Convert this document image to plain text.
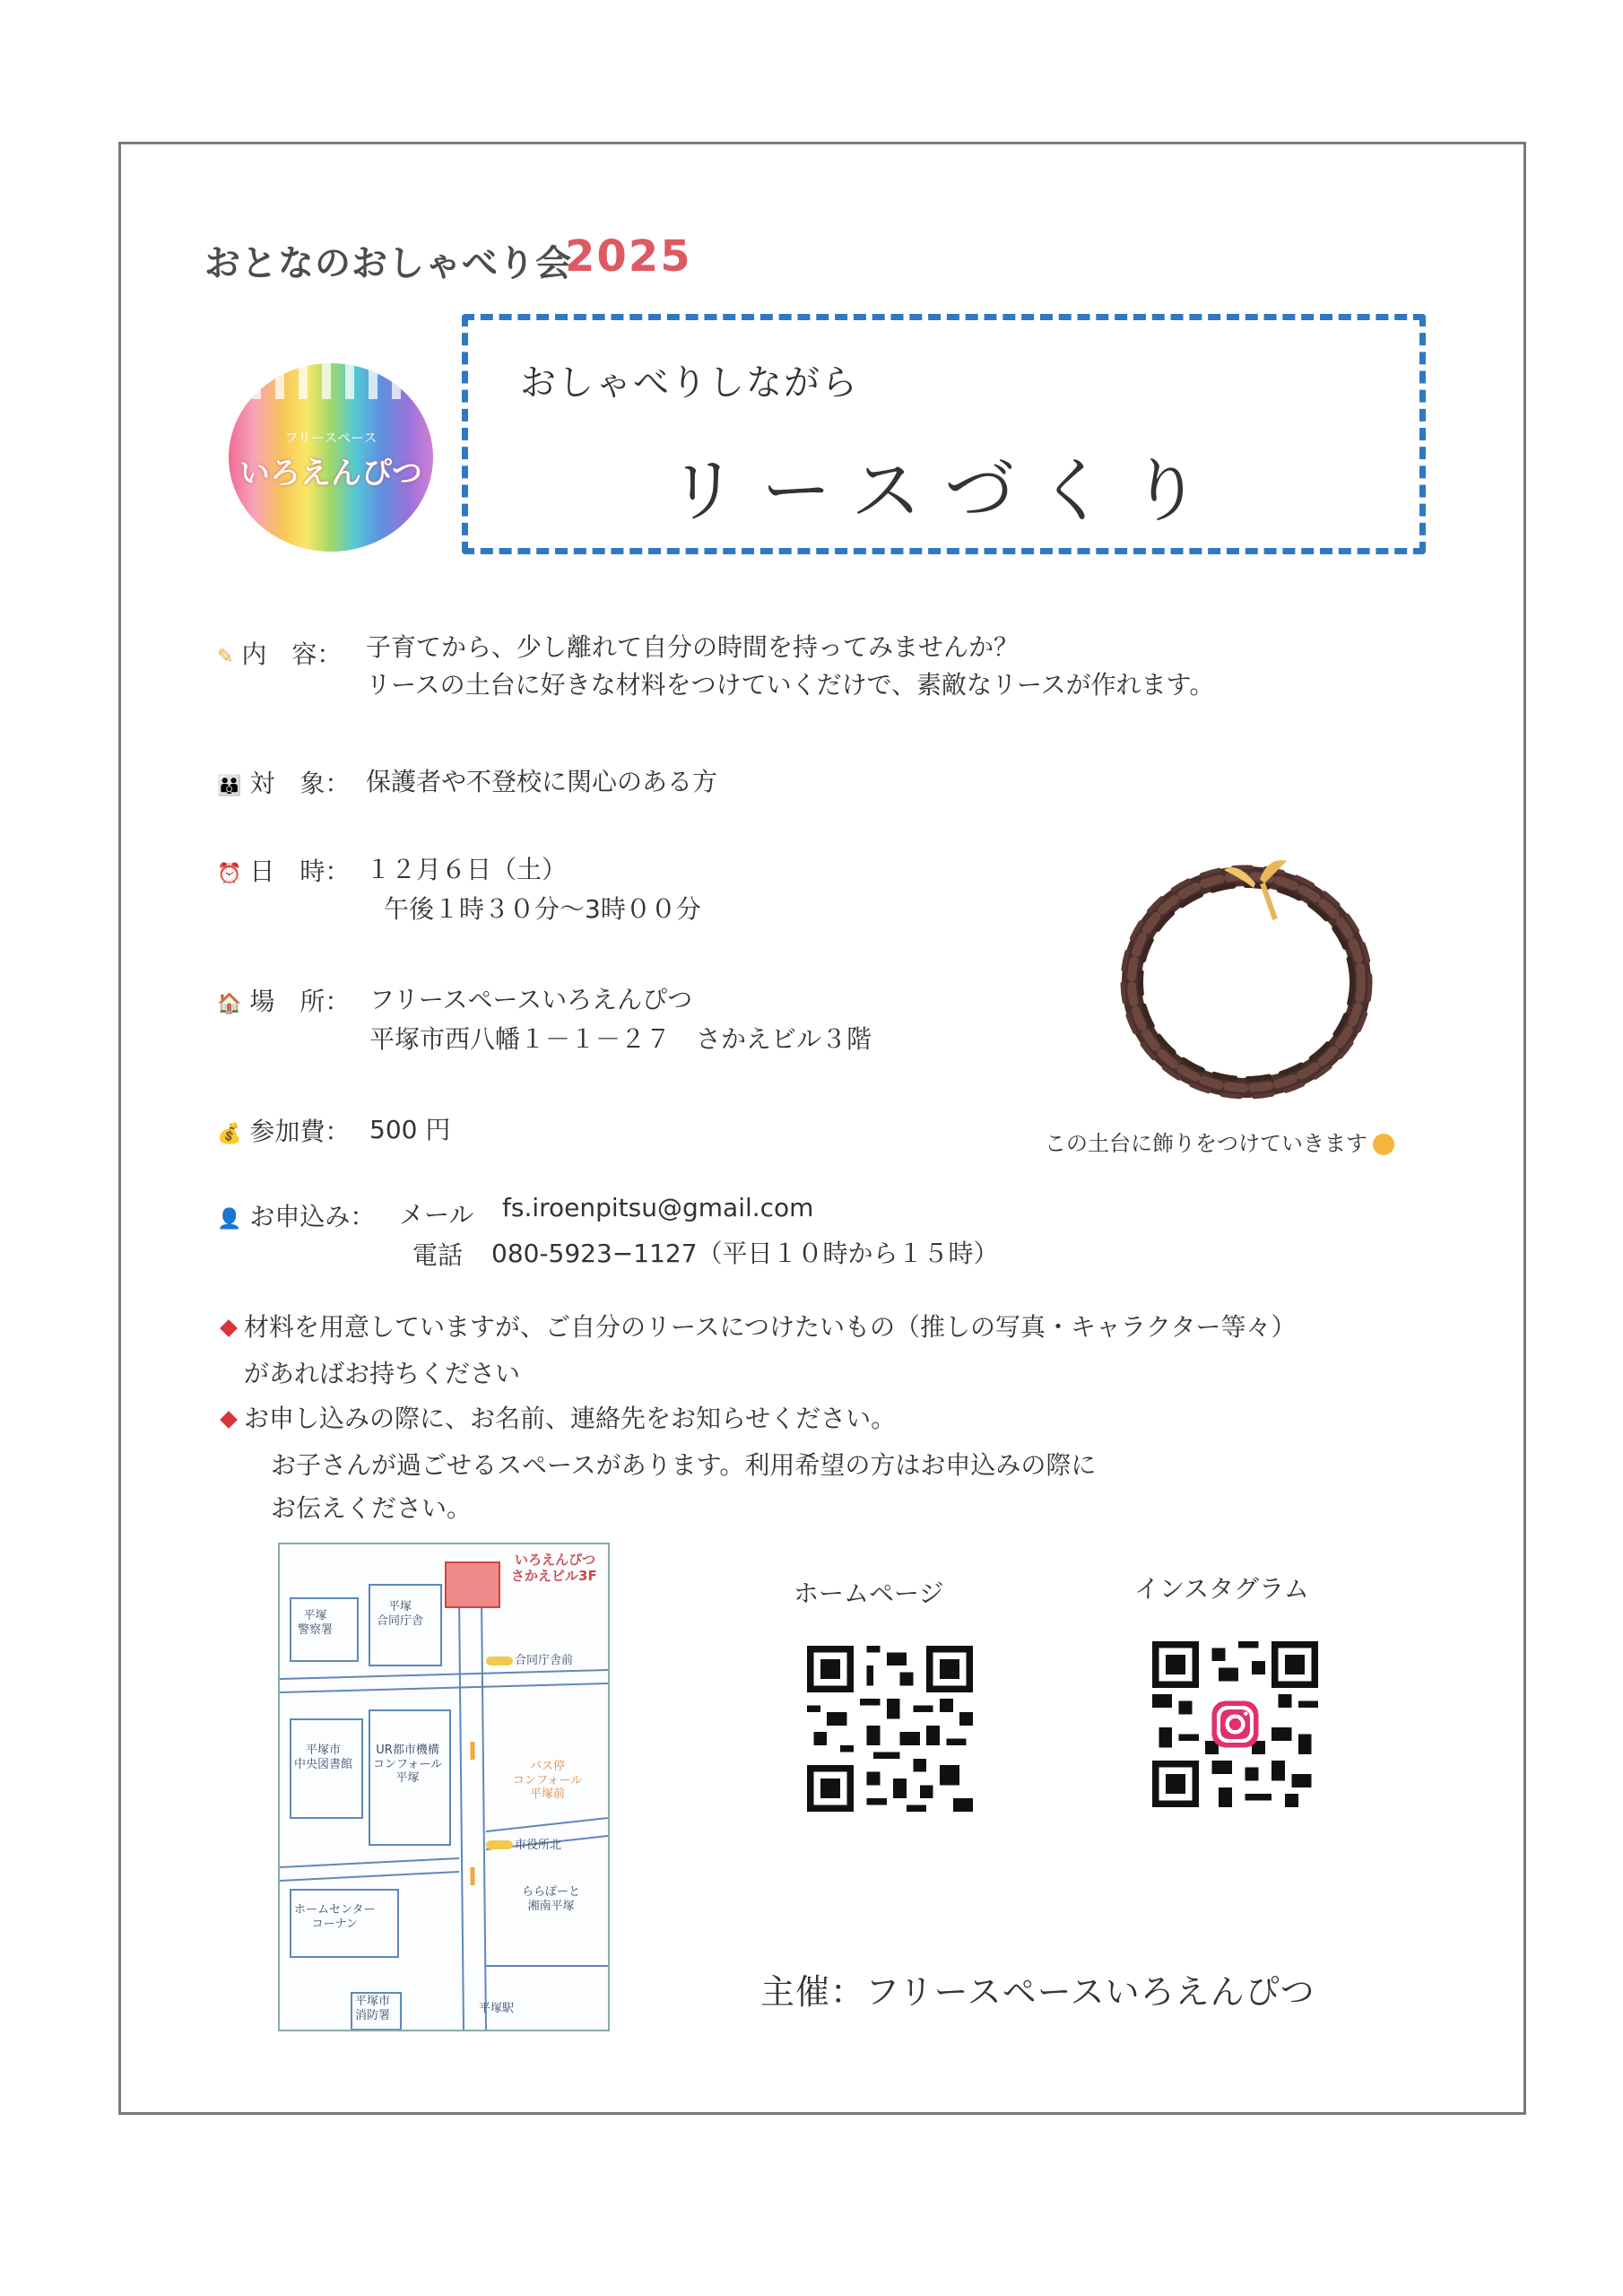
おとなのおしゃべり会
2025
フリースペース
いろえんぴつ
おしゃべりしながら
リースづくり
✎ 内　容： 子育てから、少し離れて自分の時間を持ってみませんか？
リースの土台に好きな材料をつけていくだけで、素敵なリースが作れます。
👪 対　象： 保護者や不登校に関心のある方
⏰ 日　時： １２月６日（土）
午後１時３０分～3時００分
🏠 場　所： フリースペースいろえんぴつ
平塚市西八幡１－１－２７　さかえビル３階
💰 参加費： 500 円
👤 お申込み： メール fs.iroenpitsu@gmail.com
電話 080-5923−1127（平日１０時から１５時）
この土台に飾りをつけていきます
材料を用意していますが、ご自分のリースにつけたいもの（推しの写真・キャラクター等々）
があればお持ちください
お申し込みの際に、お名前、連絡先をお知らせください。
お子さんが過ごせるスペースがあります。利用希望の方はお申込みの際に
お伝えください。
いろえんぴつ
さかえビル3F
平塚
警察署
平塚
合同庁舎
合同庁舎前
平塚市
中央図書館
UR都市機構
コンフォール
平塚
バス停
コンフォール
平塚前
市役所北
ららぽーと
湘南平塚
ホームセンター
コーナン
平塚市
消防署
平塚駅
ホームページ	インスタグラム
主催：フリースペースいろえんぴつ
